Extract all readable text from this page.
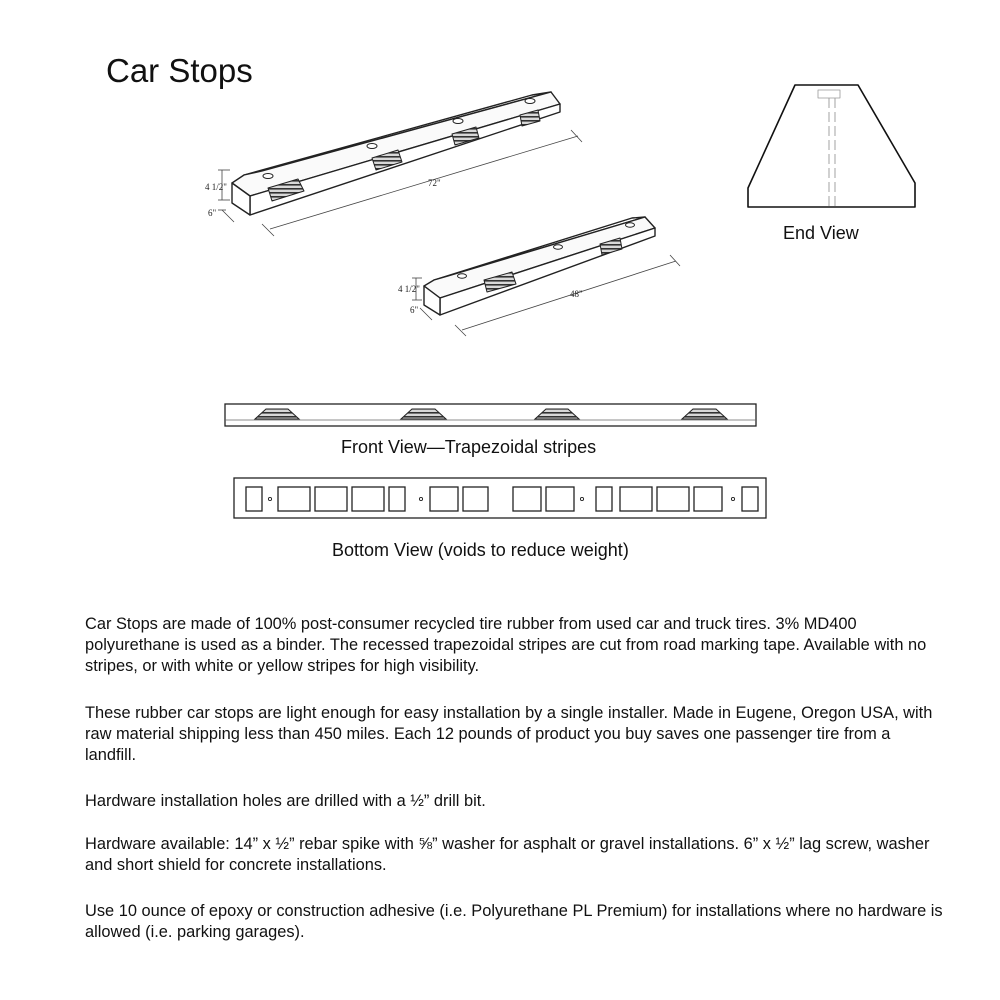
Car Stops
4 1/2"
6"
72"
4 1/2"
6"
48"
End View
Front View—Trapezoidal stripes
Bottom View (voids to reduce weight)

Car Stops are made of 100% post-consumer recycled tire rubber from used car and truck tires. 3% MD400 polyurethane is used as a binder. The recessed trapezoidal stripes are cut from road marking tape. Available with no stripes, or with white or yellow stripes for high visibility.

These rubber car stops are light enough for easy installation by a single installer. Made in Eugene, Oregon USA, with raw material shipping less than 450 miles. Each 12 pounds of product you buy saves one passenger tire from a landfill.

Hardware installation holes are drilled with a ½” drill bit.

Hardware available: 14” x ½” rebar spike with ⅝” washer for asphalt or gravel installations. 6” x ½” lag screw, washer and short shield for concrete installations.

Use 10 ounce of epoxy or construction adhesive (i.e. Polyurethane PL Premium) for installations where no hardware is allowed (i.e. parking garages).
